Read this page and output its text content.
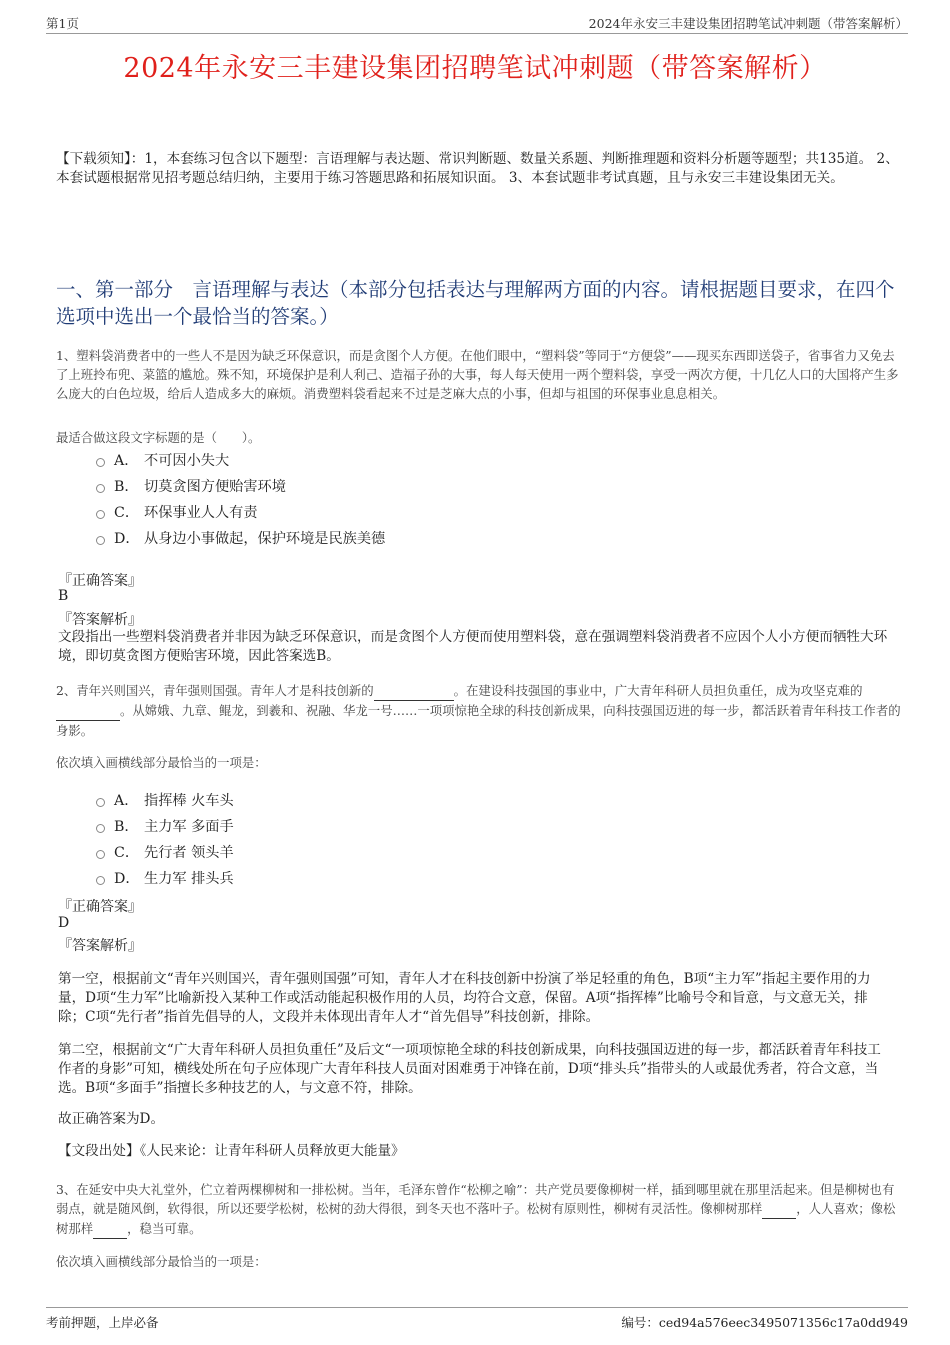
第1页	2024年永安三丰建设集团招聘笔试冲刺题（带答案解析）
2024年永安三丰建设集团招聘笔试冲刺题（带答案解析）
【下载须知】：1，本套练习包含以下题型：言语理解与表达题、常识判断题、数量关系题、判断推理题和资料分析题等题型；共135道。 2、本套试题根据常见招考题总结归纳，主要用于练习答题思路和拓展知识面。 3、本套试题非考试真题，且与永安三丰建设集团无关。
一、第一部分　言语理解与表达（本部分包括表达与理解两方面的内容。请根据题目要求，在四个选项中选出一个最恰当的答案。）
1、塑料袋消费者中的一些人不是因为缺乏环保意识，而是贪图个人方便。在他们眼中，“塑料袋”等同于“方便袋”——现买东西即送袋子，省事省力又免去了上班拎布兜、菜篮的尴尬。殊不知，环境保护是利人利己、造福子孙的大事，每人每天使用一两个塑料袋，享受一两次方便，十几亿人口的大国将产生多么庞大的白色垃圾，给后人造成多大的麻烦。消费塑料袋看起来不过是芝麻大点的小事，但却与祖国的环保事业息息相关。
最适合做这段文字标题的是（　　）。
A． 不可因小失大
B． 切莫贪图方便贻害环境
C． 环保事业人人有责
D． 从身边小事做起，保护环境是民族美德
『正确答案』
B
『答案解析』
文段指出一些塑料袋消费者并非因为缺乏环保意识，而是贪图个人方便而使用塑料袋，意在强调塑料袋消费者不应因个人小方便而牺牲大环境，即切莫贪图方便贻害环境，因此答案选B。
2、青年兴则国兴，青年强则国强。青年人才是科技创新的	。在建设科技强国的事业中，广大青年科研人员担负重任，成为攻坚克难的 。从嫦娥、九章、鲲龙，到羲和、祝融、华龙一号……一项项惊艳全球的科技创新成果，向科技强国迈进的每一步，都活跃着青年科技工作者的身影。
依次填入画横线部分最恰当的一项是：
A． 指挥棒 火车头
B． 主力军 多面手
C． 先行者 领头羊
D． 生力军 排头兵
『正确答案』
D
『答案解析』
第一空，根据前文“青年兴则国兴，青年强则国强”可知，青年人才在科技创新中扮演了举足轻重的角色，B项“主力军”指起主要作用的力量，D项“生力军”比喻新投入某种工作或活动能起积极作用的人员，均符合文意，保留。A项“指挥棒”比喻号令和旨意，与文意无关，排除；C项“先行者”指首先倡导的人，文段并未体现出青年人才“首先倡导”科技创新，排除。
第二空，根据前文“广大青年科研人员担负重任”及后文“一项项惊艳全球的科技创新成果，向科技强国迈进的每一步，都活跃着青年科技工作者的身影”可知，横线处所在句子应体现广大青年科技人员面对困难勇于冲锋在前，D项“排头兵”指带头的人或最优秀者，符合文意，当选。B项“多面手”指擅长多种技艺的人，与文意不符，排除。
故正确答案为D。
【文段出处】《人民来论：让青年科研人员释放更大能量》
3、在延安中央大礼堂外，伫立着两棵柳树和一排松树。当年，毛泽东曾作“松柳之喻”：共产党员要像柳树一样，插到哪里就在那里活起来。但是柳树也有弱点，就是随风倒，软得很，所以还要学松树，松树的劲大得很，到冬天也不落叶子。松树有原则性，柳树有灵活性。像柳树那样	，人人喜欢；像松树那样	，稳当可靠。
依次填入画横线部分最恰当的一项是：
考前押题，上岸必备	编号：ced94a576eec3495071356c17a0dd949
